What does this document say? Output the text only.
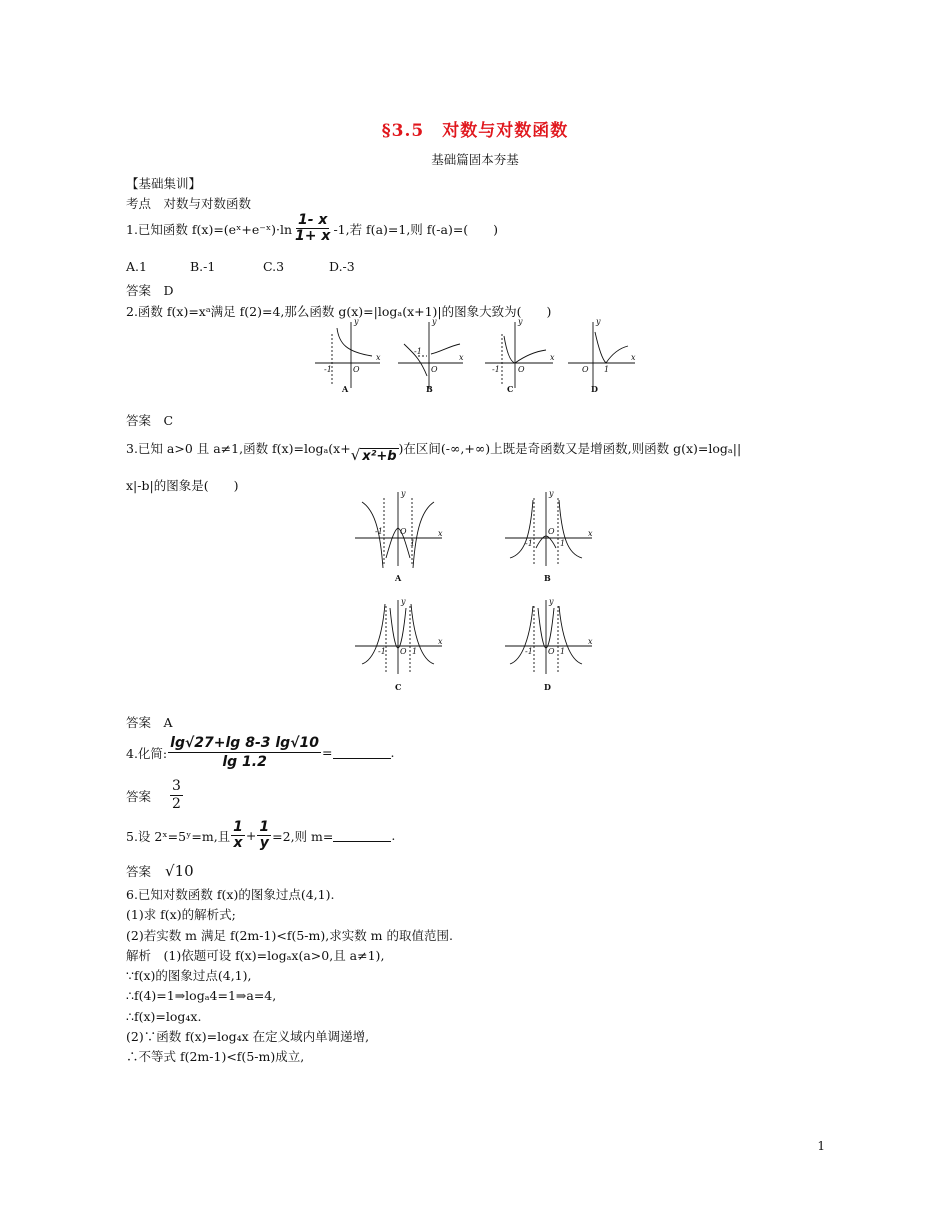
§3.5　对数与对数函数
基础篇固本夯基
【基础集训】
考点　对数与对数函数
1.已知函数 f(x)=(eˣ+e⁻ˣ)·ln $\frac{1- x}{1+ x} -1$,若 f(a)=1,则 f(-a)=(　　)
A.1	B.-1	C.3	D.-3
答案　 D
2.函数 f(x)=xᵃ满足 f(2)=4,那么函数 g(x)=|logₐ(x+1)|的图象大致为(　　)
-1	O
x
y
-1
O
x
y
-1 O
x
y
O 1
x
y
A	B	C	D
答案　 C
3.已知 a>0 且 a≠1,函数 f(x)=logₐ(x+ √ x²+b
)在区间(-∞,+∞)上既是奇函数又是增函数,则函数 g(x)=logₐ||
x|-b|的图象是(　　)
-1 O
1
x
y
-1
O
1
x
y
-1 O 1
x
y
-1 O 1
x
y
A	B
C	D
答案　 A
4.化简: $\frac{\lg√27+\lg 8-3 \lg√10}{\lg 1.2}$ =	.
答案 $\frac{3}{2}$
5.设 2ˣ=5ʸ=m,且 $\frac{1}{x} + \frac{1}{y} =2$,则 m=	.
答案 √10
6.已知对数函数 f(x)的图象过点(4,1).
(1)求 f(x)的解析式;
(2)若实数 m 满足 f(2m-1)<f(5-m),求实数 m 的取值范围.
解析　(1)依题可设 f(x)=logₐx(a>0,且 a≠1),
∵f(x)的图象过点(4,1),
∴f(4)=1⇒logₐ4=1⇒a=4,
∴f(x)=log₄x.
(2)∵函数 f(x)=log₄x 在定义域内单调递增,
∴不等式 f(2m-1)<f(5-m)成立,
1
